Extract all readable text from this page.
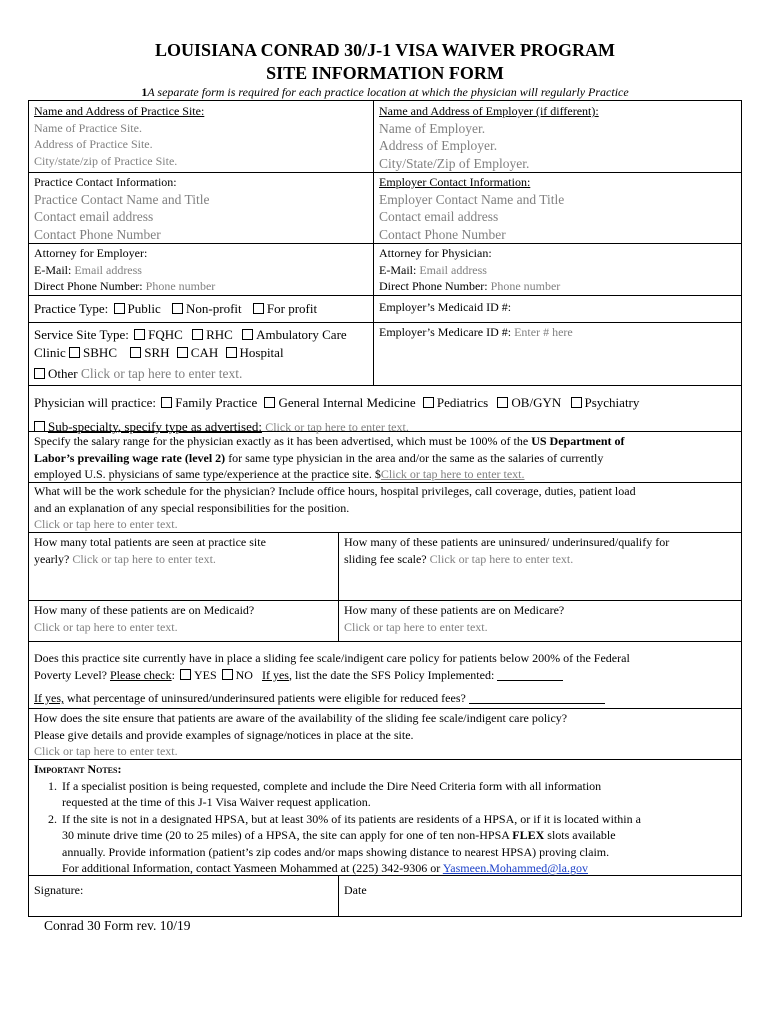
LOUISIANA CONRAD 30/J-1 VISA WAIVER PROGRAM
SITE INFORMATION FORM
1A separate form is required for each practice location at which the physician will regularly Practice
Name and Address of Practice Site:
Name of Practice Site.
Address of Practice Site.
City/state/zip of Practice Site.
Name and Address of Employer (if different):
Name of Employer.
Address of Employer.
City/State/Zip of Employer.
Practice Contact Information:
Practice Contact Name and Title
Contact email address
Contact Phone Number
Employer Contact Information:
Employer Contact Name and Title
Contact email address
Contact Phone Number
Attorney for Employer:
E-Mail: Email address
Direct Phone Number: Phone number
Attorney for Physician:
E-Mail: Email address
Direct Phone Number: Phone number
Practice Type: Public Non-profit For profit	Employer’s Medicaid ID #:
Service Site Type: FQHC RHC Ambulatory Care
Clinic SBHC SRH CAH Hospital
Other Click or tap here to enter text.
Employer’s Medicare ID #: Enter # here
Physician will practice: Family Practice General Internal Medicine Pediatrics OB/GYN Psychiatry
Sub-specialty, specify type as advertised: Click or tap here to enter text.
Specify the salary range for the physician exactly as it has been advertised, which must be 100% of the US Department of
Labor’s prevailing wage rate (level 2) for same type physician in the area and/or the same as the salaries of currently
employed U.S. physicians of same type/experience at the practice site. $Click or tap here to enter text.
What will be the work schedule for the physician? Include office hours, hospital privileges, call coverage, duties, patient load
and an explanation of any special responsibilities for the position.
Click or tap here to enter text.
How many total patients are seen at practice site
yearly? Click or tap here to enter text.
How many of these patients are uninsured/ underinsured/qualify for
sliding fee scale? Click or tap here to enter text.
How many of these patients are on Medicaid?
Click or tap here to enter text.
How many of these patients are on Medicare?
Click or tap here to enter text.
Does this practice site currently have in place a sliding fee scale/indigent care policy for patients below 200% of the Federal
Poverty Level? Please check: YES NO If yes, list the date the SFS Policy Implemented:
If yes, what percentage of uninsured/underinsured patients were eligible for reduced fees?
How does the site ensure that patients are aware of the availability of the sliding fee scale/indigent care policy?
Please give details and provide examples of signage/notices in place at the site.
Click or tap here to enter text.
Important Notes:
1. If a specialist position is being requested, complete and include the Dire Need Criteria form with all information
requested at the time of this J-1 Visa Waiver request application.
2. If the site is not in a designated HPSA, but at least 30% of its patients are residents of a HPSA, or if it is located within a
30 minute drive time (20 to 25 miles) of a HPSA, the site can apply for one of ten non-HPSA FLEX slots available
annually. Provide information (patient’s zip codes and/or maps showing distance to nearest HPSA) proving claim.
For additional Information, contact Yasmeen Mohammed at (225) 342-9306 or Yasmeen.Mohammed@la.gov
Signature:	Date
Conrad 30 Form rev. 10/19
